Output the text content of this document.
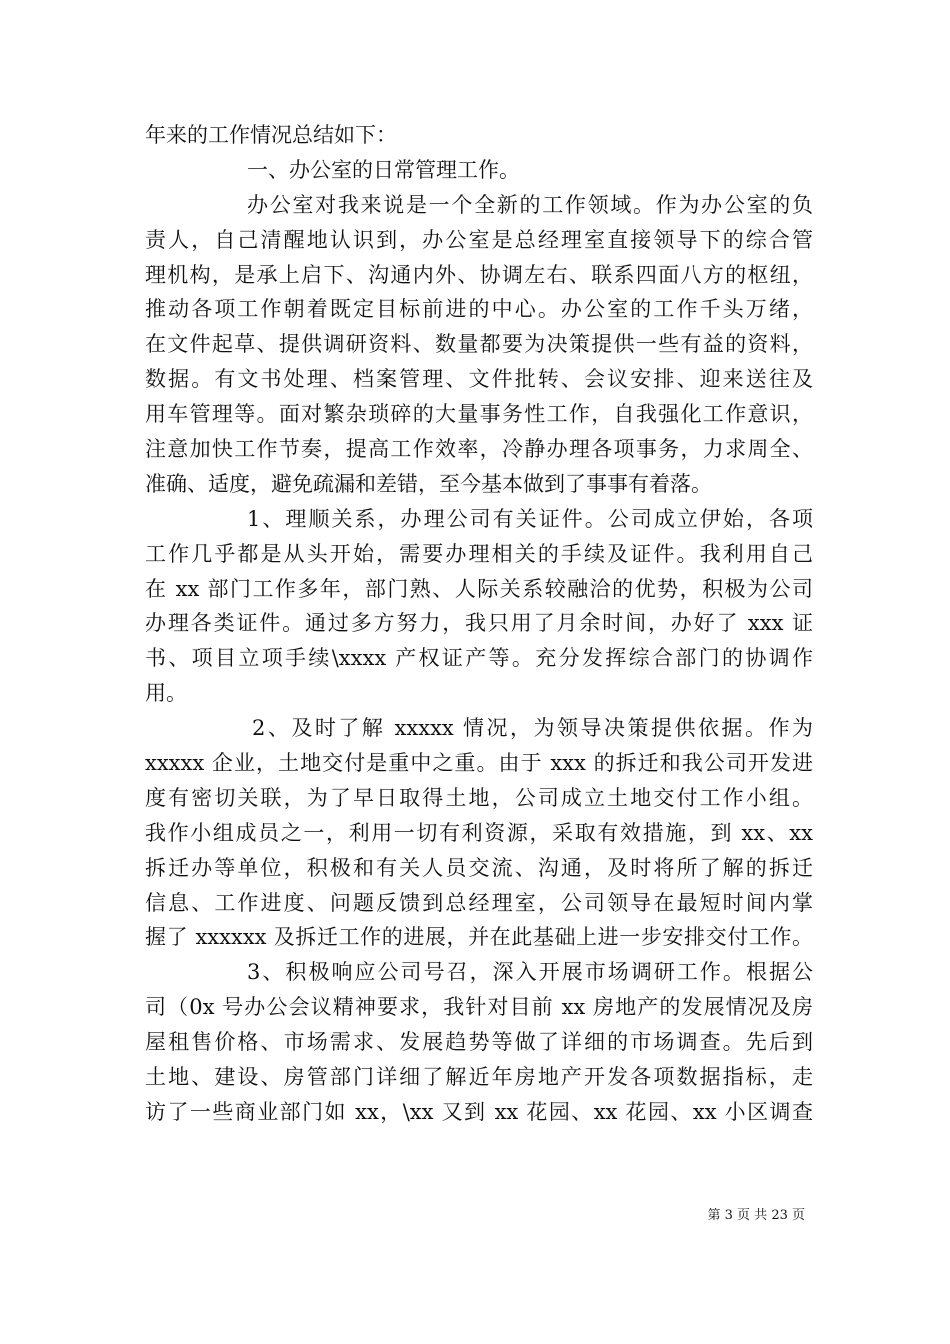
年来的工作情况总结如下：
一、办公室的日常管理工作。
办公室对我来说是一个全新的工作领域。作为办公室的负
责人，自己清醒地认识到，办公室是总经理室直接领导下的综合管
理机构，是承上启下、沟通内外、协调左右、联系四面八方的枢纽，
推动各项工作朝着既定目标前进的中心。办公室的工作千头万绪，
在文件起草、提供调研资料、数量都要为决策提供一些有益的资料，
数据。有文书处理、档案管理、文件批转、会议安排、迎来送往及
用车管理等。面对繁杂琐碎的大量事务性工作，自我强化工作意识，
注意加快工作节奏，提高工作效率，冷静办理各项事务，力求周全、
准确、适度，避免疏漏和差错，至今基本做到了事事有着落。
1、理顺关系，办理公司有关证件。公司成立伊始，各项
工作几乎都是从头开始，需要办理相关的手续及证件。我利用自己
在 xx 部门工作多年，部门熟、人际关系较融洽的优势，积极为公司
办理各类证件。通过多方努力，我只用了月余时间，办好了 xxx 证
书、项目立项手续\xxxx 产权证产等。充分发挥综合部门的协调作
用。
2、及时了解 xxxxx 情况，为领导决策提供依据。作为
xxxxx 企业，土地交付是重中之重。由于 xxx 的拆迁和我公司开发进
度有密切关联，为了早日取得土地，公司成立土地交付工作小组。
我作小组成员之一，利用一切有利资源，采取有效措施，到 xx、xx
拆迁办等单位，积极和有关人员交流、沟通，及时将所了解的拆迁
信息、工作进度、问题反馈到总经理室，公司领导在最短时间内掌
握了 xxxxxx 及拆迁工作的进展，并在此基础上进一步安排交付工作。
3、积极响应公司号召，深入开展市场调研工作。根据公
司（0x 号办公会议精神要求，我针对目前 xx 房地产的发展情况及房
屋租售价格、市场需求、发展趋势等做了详细的市场调查。先后到
土地、建设、房管部门详细了解近年房地产开发各项数据指标，走
访了一些商业部门如 xx，\xx 又到 xx 花园、xx 花园、xx 小区调查
第 3 页 共 23 页
